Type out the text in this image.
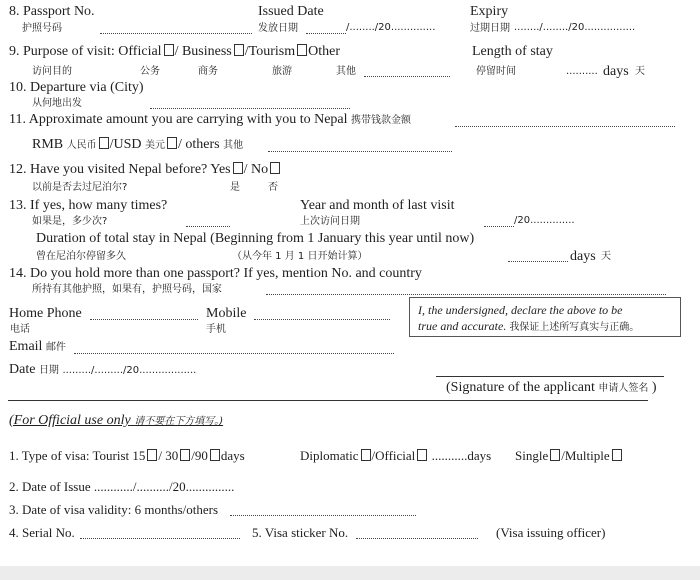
8. Passport No.
护照号码
Issued Date
发放日期	/......../20..............
Expiry
过期日期 ......../......../20................
9. Purpose of visit: Official / Business /Tourism Other
访问目的	公务	商务	旅游	其他
Length of stay
停留时间	.......... days 天
10. Departure via (City)
从何地出发
11. Approximate amount you are carrying with you to Nepal 携带钱款金额
RMB 人民币 /USD 美元 / others 其他
12. Have you visited Nepal before? Yes / No
以前是否去过尼泊尔?	是	否
13. If yes, how many times?
如果是，多少次?
Year and month of last visit
上次访问日期	/20..............
Duration of total stay in Nepal (Beginning from 1 January this year until now)
曾在尼泊尔停留多久	（从今年 1 月 1 日开始计算）	days 天
14. Do you hold more than one passport? If yes, mention No. and country
所持有其他护照，如果有，护照号码，国家
Home Phone
电话
Mobile
手机
Email 邮件
Date 日期 ........./........./20..................
I, the undersigned, declare the above to be
true and accurate. 我保证上述所写真实与正确。
(Signature of the applicant 申请人签名 )
(For Official use only 请不要在下方填写。)
1. Type of visa: Tourist 15 / 30 /90 days	Diplomatic /Official ...........days Single /Multiple
2. Date of Issue ............/........../20...............
3. Date of visa validity: 6 months/others
4. Serial No.	5. Visa sticker No.	(Visa issuing officer)
